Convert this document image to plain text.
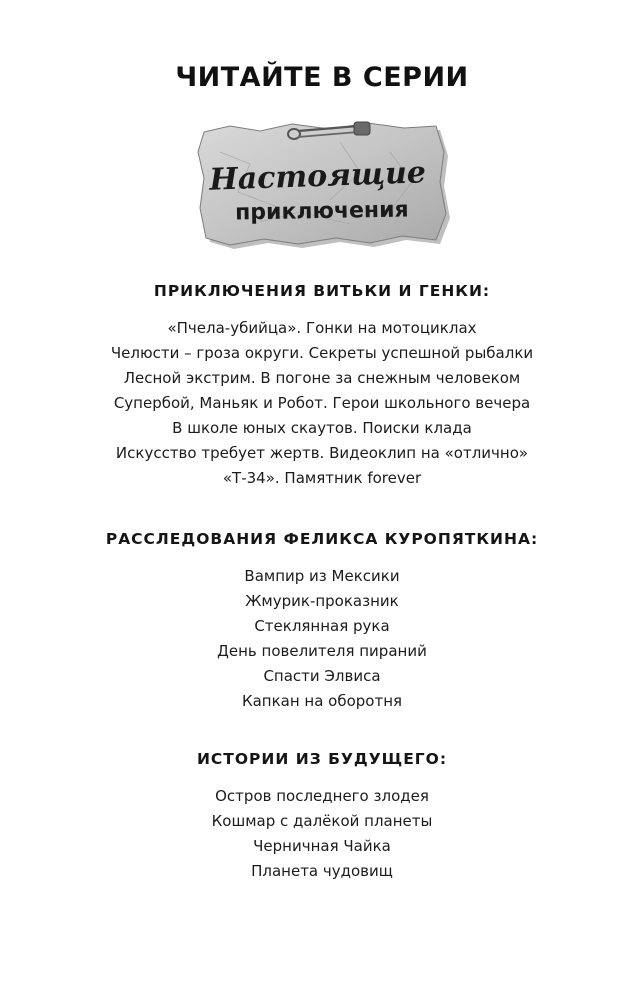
ЧИТАЙТЕ В СЕРИИ
Настоящие
приключения
ПРИКЛЮЧЕНИЯ ВИТЬКИ И ГЕНКИ:
«Пчела-убийца». Гонки на мотоциклах
Челюсти – гроза округи. Секреты успешной рыбалки
Лесной экстрим. В погоне за снежным человеком
Супербой, Маньяк и Робот. Герои школьного вечера
В школе юных скаутов. Поиски клада
Искусство требует жертв. Видеоклип на «отлично»
«Т-34». Памятник forever
РАССЛЕДОВАНИЯ ФЕЛИКСА КУРОПЯТКИНА:
Вампир из Мексики
Жмурик-проказник
Стеклянная рука
День повелителя пираний
Спасти Элвиса
Капкан на оборотня
ИСТОРИИ ИЗ БУДУЩЕГО:
Остров последнего злодея
Кошмар с далёкой планеты
Черничная Чайка
Планета чудовищ
